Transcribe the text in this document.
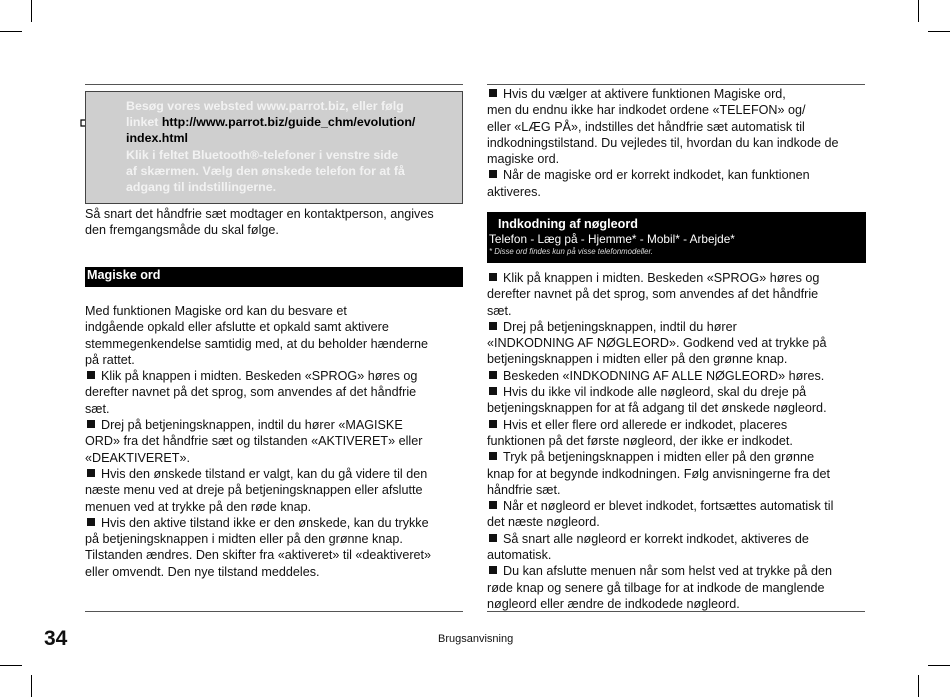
Besøg vores websted www.parrot.biz, eller følg
linket http://www.parrot.biz/guide_chm/evolution/
index.html
Klik i feltet Bluetooth®-telefoner i venstre side
af skærmen. Vælg den ønskede telefon for at få
adgang til indstillingerne.

Så snart det håndfrie sæt modtager en kontaktperson, angives

den fremgangsmåde du skal følge.

Magiske ord

Med funktionen Magiske ord kan du besvare et

indgående opkald eller afslutte et opkald samt aktivere

stemmegenkendelse samtidig med, at du beholder hænderne

på rattet.

Klik på knappen i midten. Beskeden «SPROG» høres og

derefter navnet på det sprog, som anvendes af det håndfrie

sæt.

Drej på betjeningsknappen, indtil du hører «MAGISKE

ORD» fra det håndfrie sæt og tilstanden «AKTIVERET» eller

«DEAKTIVERET».

Hvis den ønskede tilstand er valgt, kan du gå videre til den

næste menu ved at dreje på betjeningsknappen eller afslutte

menuen ved at trykke på den røde knap.

Hvis den aktive tilstand ikke er den ønskede, kan du trykke

på betjeningsknappen i midten eller på den grønne knap.

Tilstanden ændres. Den skifter fra «aktiveret» til «deaktiveret»

eller omvendt. Den nye tilstand meddeles.

Hvis du vælger at aktivere funktionen Magiske ord,

men du endnu ikke har indkodet ordene «TELEFON» og/

eller «LÆG PÅ», indstilles det håndfrie sæt automatisk til

indkodningstilstand. Du vejledes til, hvordan du kan indkode de

magiske ord.

Når de magiske ord er korrekt indkodet, kan funktionen

aktiveres.

Indkodning af nøgleord
Telefon - Læg på - Hjemme* - Mobil* - Arbejde*
* Disse ord findes kun på visse telefonmodeller.

Klik på knappen i midten. Beskeden «SPROG» høres og

derefter navnet på det sprog, som anvendes af det håndfrie

sæt.

Drej på betjeningsknappen, indtil du hører

«INDKODNING AF NØGLEORD». Godkend ved at trykke på

betjeningsknappen i midten eller på den grønne knap.

Beskeden «INDKODNING AF ALLE NØGLEORD» høres.

Hvis du ikke vil indkode alle nøgleord, skal du dreje på

betjeningsknappen for at få adgang til det ønskede nøgleord.

Hvis et eller flere ord allerede er indkodet, placeres

funktionen på det første nøgleord, der ikke er indkodet.

Tryk på betjeningsknappen i midten eller på den grønne

knap for at begynde indkodningen. Følg anvisningerne fra det

håndfrie sæt.

Når et nøgleord er blevet indkodet, fortsættes automatisk til

det næste nøgleord.

Så snart alle nøgleord er korrekt indkodet, aktiveres de

automatisk.

Du kan afslutte menuen når som helst ved at trykke på den

røde knap og senere gå tilbage for at indkode de manglende

nøgleord eller ændre de indkodede nøgleord.

34	Brugsanvisning
